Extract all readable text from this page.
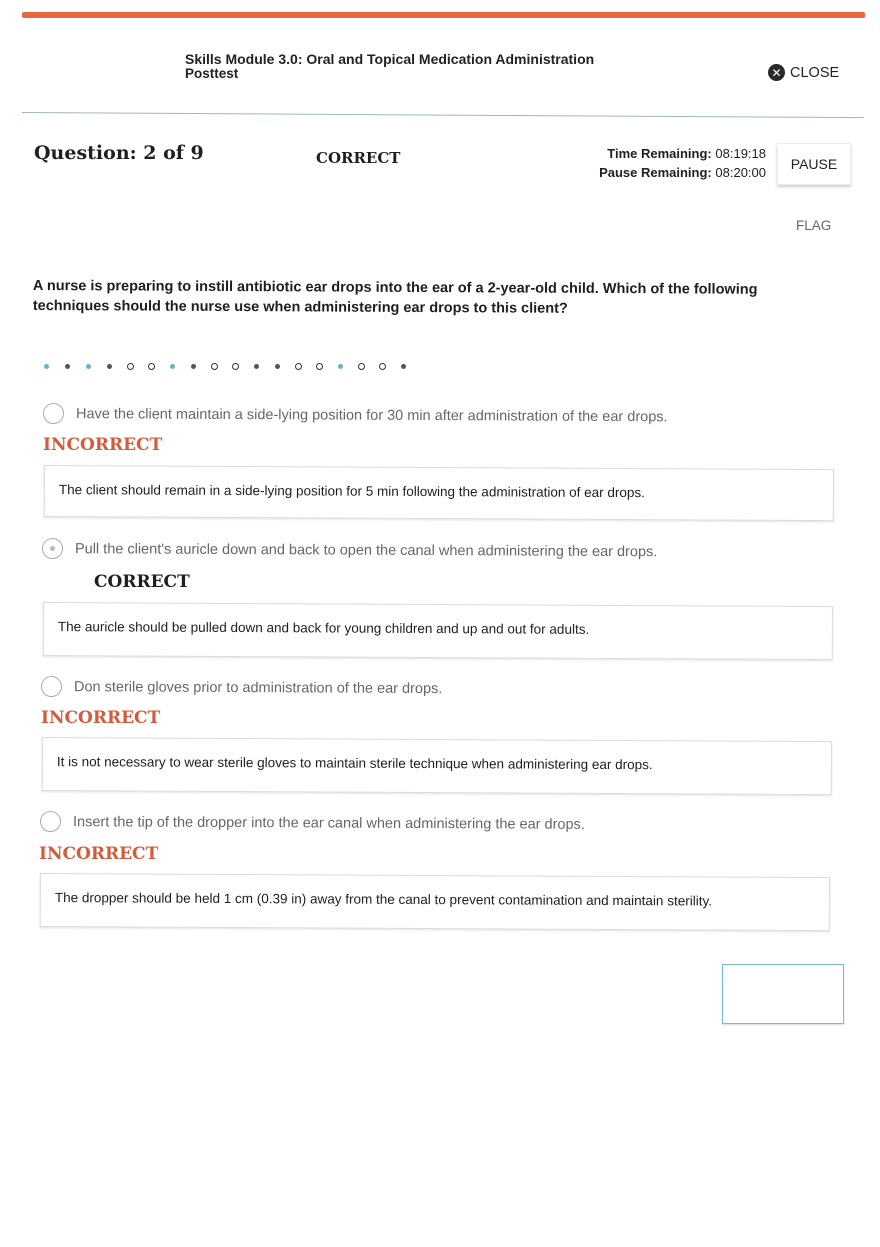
Skills Module 3.0: Oral and Topical Medication Administration
Posttest	✕ CLOSE
Question: 2 of 9	CORRECT	Time Remaining: 08:19:18
Pause Remaining: 08:20:00
PAUSE
FLAG
A nurse is preparing to instill antibiotic ear drops into the ear of a 2-year-old child. Which of the following techniques should the nurse use when administering ear drops to this client?
Have the client maintain a side-lying position for 30 min after administration of the ear drops.
INCORRECT
The client should remain in a side-lying position for 5 min following the administration of ear drops.
Pull the client's auricle down and back to open the canal when administering the ear drops.
CORRECT
The auricle should be pulled down and back for young children and up and out for adults.
Don sterile gloves prior to administration of the ear drops.
INCORRECT
It is not necessary to wear sterile gloves to maintain sterile technique when administering ear drops.
Insert the tip of the dropper into the ear canal when administering the ear drops.
INCORRECT
The dropper should be held 1 cm (0.39 in) away from the canal to prevent contamination and maintain sterility.
